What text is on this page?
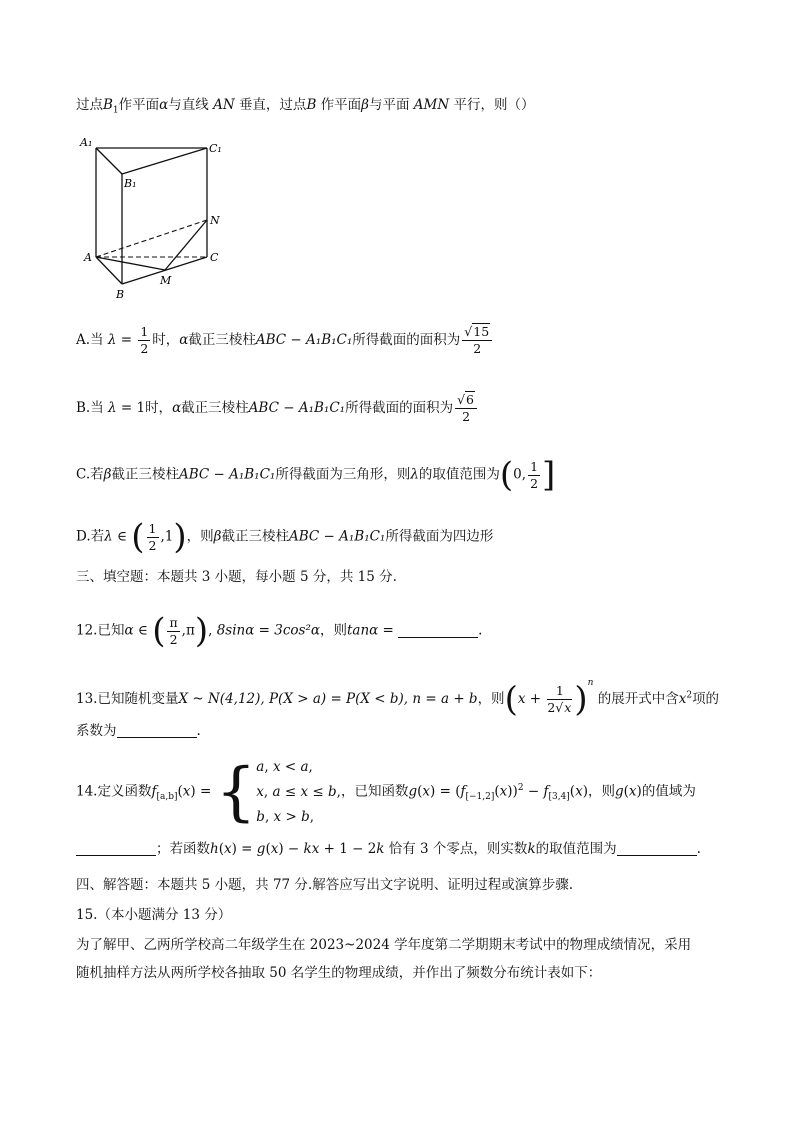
过点$B_1$作平面α与直线 AN 垂直，过点B 作平面β与平面 AMN 平行，则（）
A₁	C₁
B₁
N
A	C
M
B
A.当 $\lambda = \frac{1}{2}$ 时，α截正三棱柱ABC − A₁B₁C₁所得截面的面积为 $\frac{√15}{2}$
B.当 λ = 1时，α截正三棱柱ABC − A₁B₁C₁所得截面的面积为 $\frac{√6}{2}$
C.若β截正三棱柱ABC − A₁B₁C₁所得截面为三角形，则λ的取值范围为(0, $\frac{1}{2}$ ]
D.若λ ∈ ( $\frac{1}{2} ,1$)，则β截正三棱柱ABC − A₁B₁C₁所得截面为四边形
三、填空题：本题共 3 小题，每小题 5 分，共 15 分.
12.已知α ∈ ( $\frac{\pi}{2} ,\pi$), 8sinα = 3cos²α，则tanα =	.
13.已知随机变量X ~ N(4,12), P(X > a) = P(X < b), n = a + b，则$(x + \frac{1}{2√x} )^n$ 的展开式中含$x^2$项的
系数为	.
14.定义函数$f_{[a,b]}(x) = \{a$, x < a,
x, a ≤ x ≤ b,
b, x > b,，已知函数$g(x) = (f_{[-1,2]}(x))^2 - f_{[3,4]}(x)$，则g(x)的值域为
；若函数h(x) = g(x) − kx + 1 − 2k 恰有 3 个零点，则实数k的取值范围为	.
四、解答题：本题共 5 小题，共 77 分.解答应写出文字说明、证明过程或演算步骤.
15.（本小题满分 13 分）
为了解甲、乙两所学校高二年级学生在 2023~2024 学年度第二学期期末考试中的物理成绩情况，采用
随机抽样方法从两所学校各抽取 50 名学生的物理成绩，并作出了频数分布统计表如下：
